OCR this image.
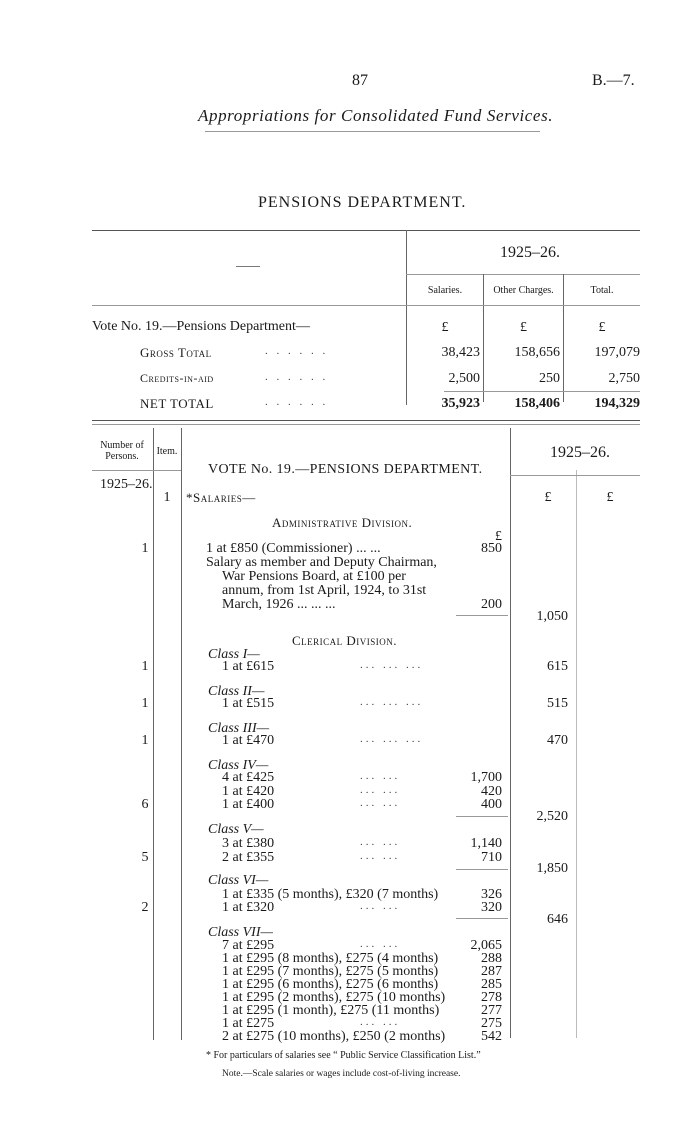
87	B.—7.
Appropriations for Consolidated Fund Services.
PENSIONS DEPARTMENT.
——
1925–26.
Salaries.	Other Charges.	Total.
Vote No. 19.—Pensions Department—	£	£	£
Gross Total	. . . . . .	38,423	158,656	197,079
Credits-in-aid	. . . . . .	2,500	250	2,750
NET TOTAL	. . . . . .	35,923	158,406	194,329
Number of Persons.	Item.	1925–26.
VOTE No. 19.—PENSIONS DEPARTMENT.
1925–26.
1	*Salaries—	£	£
Administrative Division.
£
1	1 at £850 (Commissioner) ... ...	850
Salary as member and Deputy Chairman,
War Pensions Board, at £100 per
annum, from 1st April, 1924, to 31st
March, 1926 ... ... ...	200
1,050
Clerical Division.
Class I—
1	1 at £615	... ... ...	615
Class II—
1	1 at £515	... ... ...	515
Class III—
1	1 at £470	... ... ...	470
Class IV—
4 at £425	... ...	1,700
1 at £420	... ...	420
6	1 at £400	... ...	400
2,520
Class V—
3 at £380	... ...	1,140
5	2 at £355	... ...	710
1,850
Class VI—
1 at £335 (5 months), £320 (7 months)	326
2	1 at £320	... ...	320
646
Class VII—
7 at £295	... ...	2,065
1 at £295 (8 months), £275 (4 months)	288
1 at £295 (7 months), £275 (5 months)	287
1 at £295 (6 months), £275 (6 months)	285
1 at £295 (2 months), £275 (10 months)	278
1 at £295 (1 month), £275 (11 months)	277
1 at £275	... ...	275
2 at £275 (10 months), £250 (2 months)	542
* For particulars of salaries see “ Public Service Classification List.”
Note.—Scale salaries or wages include cost-of-living increase.
